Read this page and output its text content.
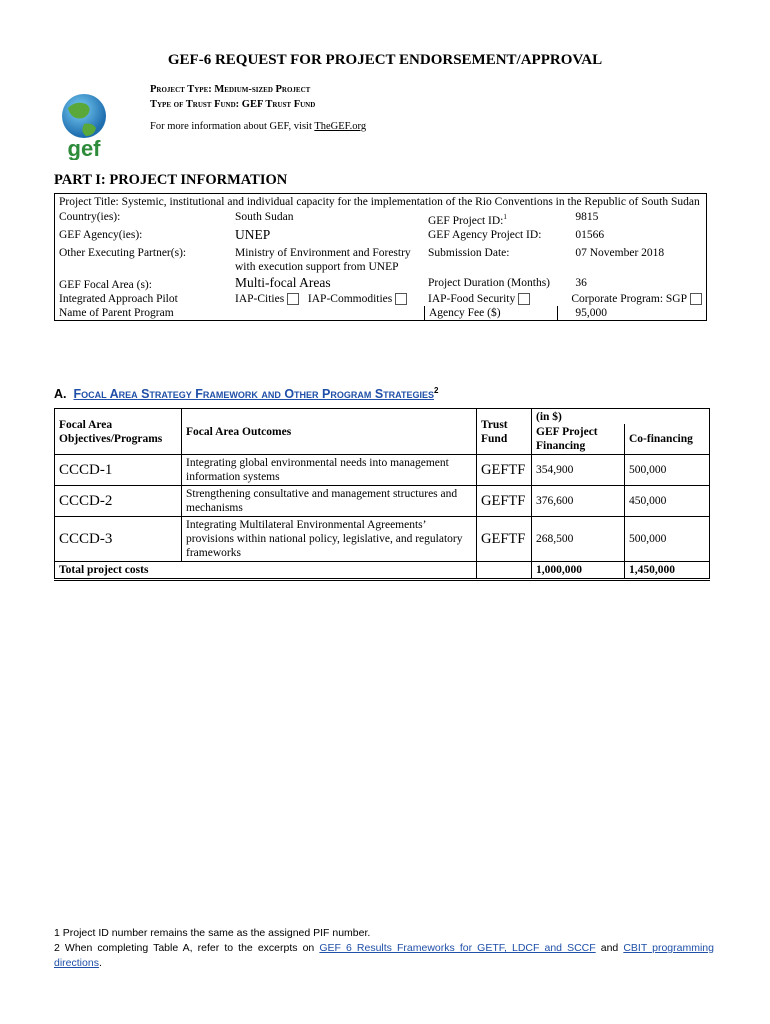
GEF-6 REQUEST FOR PROJECT ENDORSEMENT/APPROVAL
gef
Project Type: Medium-sized Project
Type of Trust Fund: GEF Trust Fund
For more information about GEF, visit TheGEF.org
PART I: PROJECT INFORMATION
Project Title: Systemic, institutional and individual capacity for the implementation of the Rio Conventions in the Republic of South Sudan				
Country(ies):	South Sudan		GEF Project ID:$^1$	9815
GEF Agency(ies):	UNEP		GEF Agency Project ID:	01566
Other Executing Partner(s):	Ministry of Environment and Forestry with execution support from UNEP		Submission Date:	07 November 2018
GEF Focal Area (s):	Multi-focal Areas		Project Duration (Months)	36
Integrated Approach Pilot	IAP-Cities	IAP-Commodities	IAP-Food Security	Corporate Program: SGP
Name of Parent Program			Agency Fee ($)	95,000
A. Focal Area Strategy Framework and Other Program Strategies$^2$
Focal Area Objectives/Programs	Focal Area Outcomes	Trust Fund	(in $)	
			GEF Project Financing	Co-financing
CCCD-1	Integrating global environmental needs into management information systems	GEFTF	354,900	500,000
CCCD-2	Strengthening consultative and management structures and mechanisms	GEFTF	376,600	450,000
CCCD-3	Integrating Multilateral Environmental Agreements’ provisions within national policy, legislative, and regulatory frameworks	GEFTF	268,500	500,000
Total project costs			1,000,000	1,450,000
1 Project ID number remains the same as the assigned PIF number.
2 When completing Table A, refer to the excerpts on GEF 6 Results Frameworks for GETF, LDCF and SCCF and CBIT programming directions.
